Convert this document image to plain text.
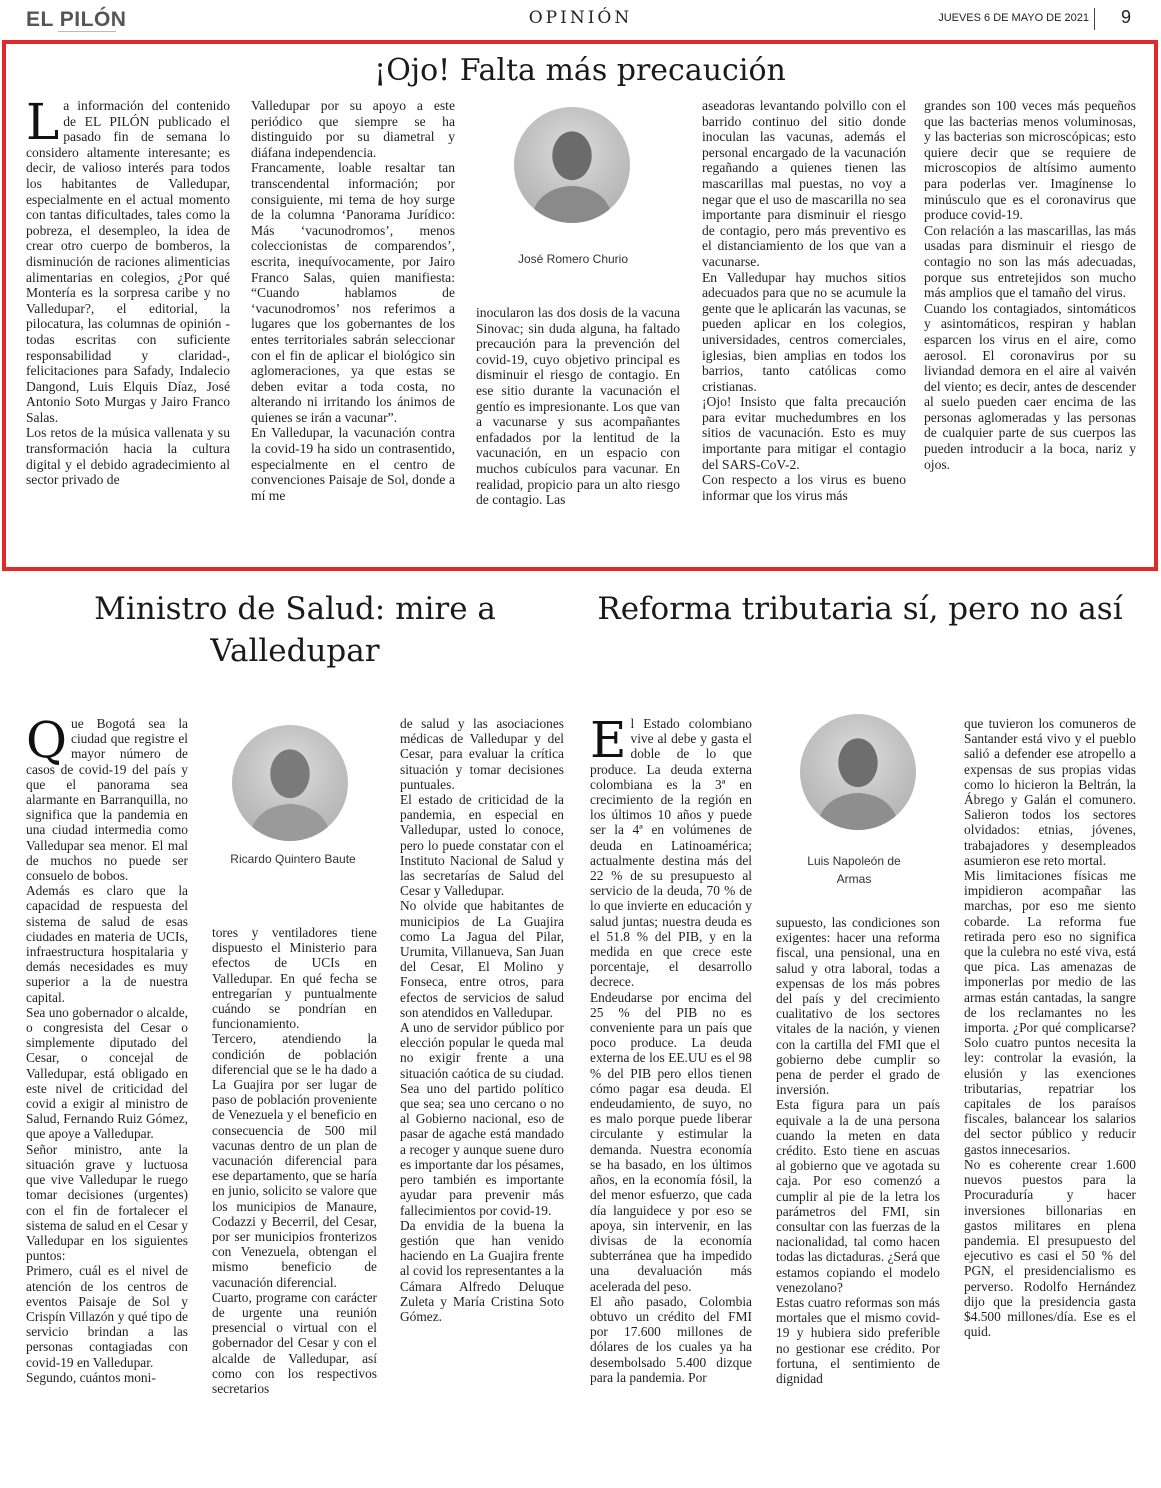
EL PILÓN	OPINIÓN	JUEVES 6 DE MAYO DE 2021 9
¡Ojo! Falta más precaución
L a información del contenido de EL PILÓN publicado el pasado fin de semana lo considero altamente interesante; es decir, de valioso interés para todos los habitantes de Valledupar, especialmente en el actual momento con tantas dificultades, tales como la pobreza, el desempleo, la idea de crear otro cuerpo de bomberos, la disminución de raciones alimenticias alimentarias en colegios, ¿Por qué Montería es la sorpresa caribe y no Valledupar?, el editorial, la pilocatura, las columnas de opinión -todas escritas con suficiente responsabilidad y claridad-, felicitaciones para Safady, Indalecio Dangond, Luis Elquis Díaz, José Antonio Soto Murgas y Jairo Franco Salas.

Los retos de la música vallenata y su transformación hacia la cultura digital y el debido agradecimiento al sector privado de

Valledupar por su apoyo a este periódico que siempre se ha distinguido por su diametral y diáfana independencia.

Francamente, loable resaltar tan transcendental información; por consiguiente, mi tema de hoy surge de la columna ‘Panorama Jurídico: Más ‘vacunodromos’, menos coleccionistas de comparendos’, escrita, inequívocamente, por Jairo Franco Salas, quien manifiesta: “Cuando hablamos de ‘vacunodromos’ nos referimos a lugares que los gobernantes de los entes territoriales sabrán seleccionar con el fin de aplicar el biológico sin aglomeraciones, ya que estas se deben evitar a toda costa, no alterando ni irritando los ánimos de quienes se irán a vacunar”.

En Valledupar, la vacunación contra la covid-19 ha sido un contrasentido, especialmente en el centro de convenciones Paisaje de Sol, donde a mí me

José Romero Churio

inocularon las dos dosis de la vacuna Sinovac; sin duda alguna, ha faltado precaución para la prevención del covid-19, cuyo objetivo principal es disminuir el riesgo de contagio. En ese sitio durante la vacunación el gentío es impresionante. Los que van a vacunarse y sus acompañantes enfadados por la lentitud de la vacunación, en un espacio con muchos cubículos para vacunar. En realidad, propicio para un alto riesgo de contagio. Las

aseadoras levantando polvillo con el barrido continuo del sitio donde inoculan las vacunas, además el personal encargado de la vacunación regañando a quienes tienen las mascarillas mal puestas, no voy a negar que el uso de mascarilla no sea importante para disminuir el riesgo de contagio, pero más preventivo es el distanciamiento de los que van a vacunarse.

En Valledupar hay muchos sitios adecuados para que no se acumule la gente que le aplicarán las vacunas, se pueden aplicar en los colegios, universidades, centros comerciales, iglesias, bien amplias en todos los barrios, tanto católicas como cristianas.

¡Ojo! Insisto que falta precaución para evitar muchedumbres en los sitios de vacunación. Esto es muy importante para mitigar el contagio del SARS-CoV-2.

Con respecto a los virus es bueno informar que los virus más

grandes son 100 veces más pequeños que las bacterias menos voluminosas, y las bacterias son microscópicas; esto quiere decir que se requiere de microscopios de altísimo aumento para poderlas ver. Imagínense lo minúsculo que es el coronavirus que produce covid-19.

Con relación a las mascarillas, las más usadas para disminuir el riesgo de contagio no son las más adecuadas, porque sus entretejidos son mucho más amplios que el tamaño del virus.

Cuando los contagiados, sintomáticos y asintomáticos, respiran y hablan esparcen los virus en el aire, como aerosol. El coronavirus por su liviandad demora en el aire al vaivén del viento; es decir, antes de descender al suelo pueden caer encima de las personas aglomeradas y las personas de cualquier parte de sus cuerpos las pueden introducir a la boca, nariz y ojos.

Ministro de Salud: mire a Valledupar
Q ue Bogotá sea la ciudad que registre el mayor número de casos de covid-19 del país y que el panorama sea alarmante en Barranquilla, no significa que la pandemia en una ciudad intermedia como Valledupar sea menor. El mal de muchos no puede ser consuelo de bobos.

Además es claro que la capacidad de respuesta del sistema de salud de esas ciudades en materia de UCIs, infraestructura hospitalaria y demás necesidades es muy superior a la de nuestra capital.

Sea uno gobernador o alcalde, o congresista del Cesar o simplemente diputado del Cesar, o concejal de Valledupar, está obligado en este nivel de criticidad del covid a exigir al ministro de Salud, Fernando Ruiz Gómez, que apoye a Valledupar.

Señor ministro, ante la situación grave y luctuosa que vive Valledupar le ruego tomar decisiones (urgentes) con el fin de fortalecer el sistema de salud en el Cesar y Valledupar en los siguientes puntos:

Primero, cuál es el nivel de atención de los centros de eventos Paisaje de Sol y Crispín Villazón y qué tipo de servicio brindan a las personas contagiadas con covid-19 en Valledupar.

Segundo, cuántos moni-

Ricardo Quintero Baute

tores y ventiladores tiene dispuesto el Ministerio para efectos de UCIs en Valledupar. En qué fecha se entregarían y puntualmente cuándo se pondrían en funcionamiento.

Tercero, atendiendo la condición de población diferencial que se le ha dado a La Guajira por ser lugar de paso de población proveniente de Venezuela y el beneficio en consecuencia de 500 mil vacunas dentro de un plan de vacunación diferencial para ese departamento, que se haría en junio, solicito se valore que los municipios de Manaure, Codazzi y Becerril, del Cesar, por ser municipios fronterizos con Venezuela, obtengan el mismo beneficio de vacunación diferencial.

Cuarto, programe con carácter de urgente una reunión presencial o virtual con el gobernador del Cesar y con el alcalde de Valledupar, así como con los respectivos secretarios

de salud y las asociaciones médicas de Valledupar y del Cesar, para evaluar la crítica situación y tomar decisiones puntuales.

El estado de criticidad de la pandemia, en especial en Valledupar, usted lo conoce, pero lo puede constatar con el Instituto Nacional de Salud y las secretarías de Salud del Cesar y Valledupar.

No olvide que habitantes de municipios de La Guajira como La Jagua del Pilar, Urumita, Villanueva, San Juan del Cesar, El Molino y Fonseca, entre otros, para efectos de servicios de salud son atendidos en Valledupar.

A uno de servidor público por elección popular le queda mal no exigir frente a una situación caótica de su ciudad. Sea uno del partido político que sea; sea uno cercano o no al Gobierno nacional, eso de pasar de agache está mandado a recoger y aunque suene duro es importante dar los pésames, pero también es importante ayudar para prevenir más fallecimientos por covid-19.

Da envidia de la buena la gestión que han venido haciendo en La Guajira frente al covid los representantes a la Cámara Alfredo Deluque Zuleta y María Cristina Soto Gómez.

Reforma tributaria sí, pero no así
E l Estado colombiano vive al debe y gasta el doble de lo que produce. La deuda externa colombiana es la 3ª en crecimiento de la región en los últimos 10 años y puede ser la 4ª en volúmenes de deuda en Latinoamérica; actualmente destina más del 22 % de su presupuesto al servicio de la deuda, 70 % de lo que invierte en educación y salud juntas; nuestra deuda es el 51.8 % del PIB, y en la medida en que crece este porcentaje, el desarrollo decrece.

Endeudarse por encima del 25 % del PIB no es conveniente para un país que poco produce. La deuda externa de los EE.UU es el 98 % del PIB pero ellos tienen cómo pagar esa deuda. El endeudamiento, de suyo, no es malo porque puede liberar circulante y estimular la demanda. Nuestra economía se ha basado, en los últimos años, en la economía fósil, la del menor esfuerzo, que cada día languidece y por eso se apoya, sin intervenir, en las divisas de la economía subterránea que ha impedido una devaluación más acelerada del peso.

El año pasado, Colombia obtuvo un crédito del FMI por 17.600 millones de dólares de los cuales ya ha desembolsado 5.400 dizque para la pandemia. Por

Luis Napoleón de Armas

supuesto, las condiciones son exigentes: hacer una reforma fiscal, una pensional, una en salud y otra laboral, todas a expensas de los más pobres del país y del crecimiento cualitativo de los sectores vitales de la nación, y vienen con la cartilla del FMI que el gobierno debe cumplir so pena de perder el grado de inversión.

Esta figura para un país equivale a la de una persona cuando la meten en data crédito. Esto tiene en ascuas al gobierno que ve agotada su caja. Por eso comenzó a cumplir al pie de la letra los parámetros del FMI, sin consultar con las fuerzas de la nacionalidad, tal como hacen todas las dictaduras. ¿Será que estamos copiando el modelo venezolano?

Estas cuatro reformas son más mortales que el mismo covid-19 y hubiera sido preferible no gestionar ese crédito. Por fortuna, el sentimiento de dignidad

que tuvieron los comuneros de Santander está vivo y el pueblo salió a defender ese atropello a expensas de sus propias vidas como lo hicieron la Beltrán, la Ábrego y Galán el comunero. Salieron todos los sectores olvidados: etnias, jóvenes, trabajadores y desempleados asumieron ese reto mortal.

Mis limitaciones físicas me impidieron acompañar las marchas, por eso me siento cobarde. La reforma fue retirada pero eso no significa que la culebra no esté viva, está que pica. Las amenazas de imponerlas por medio de las armas están cantadas, la sangre de los reclamantes no les importa. ¿Por qué complicarse? Solo cuatro puntos necesita la ley: controlar la evasión, la elusión y las exenciones tributarias, repatriar los capitales de los paraísos fiscales, balancear los salarios del sector público y reducir gastos innecesarios.

No es coherente crear 1.600 nuevos puestos para la Procuraduría y hacer inversiones billonarias en gastos militares en plena pandemia. El presupuesto del ejecutivo es casi el 50 % del PGN, el presidencialismo es perverso. Rodolfo Hernández dijo que la presidencia gasta $4.500 millones/día. Ese es el quid.
